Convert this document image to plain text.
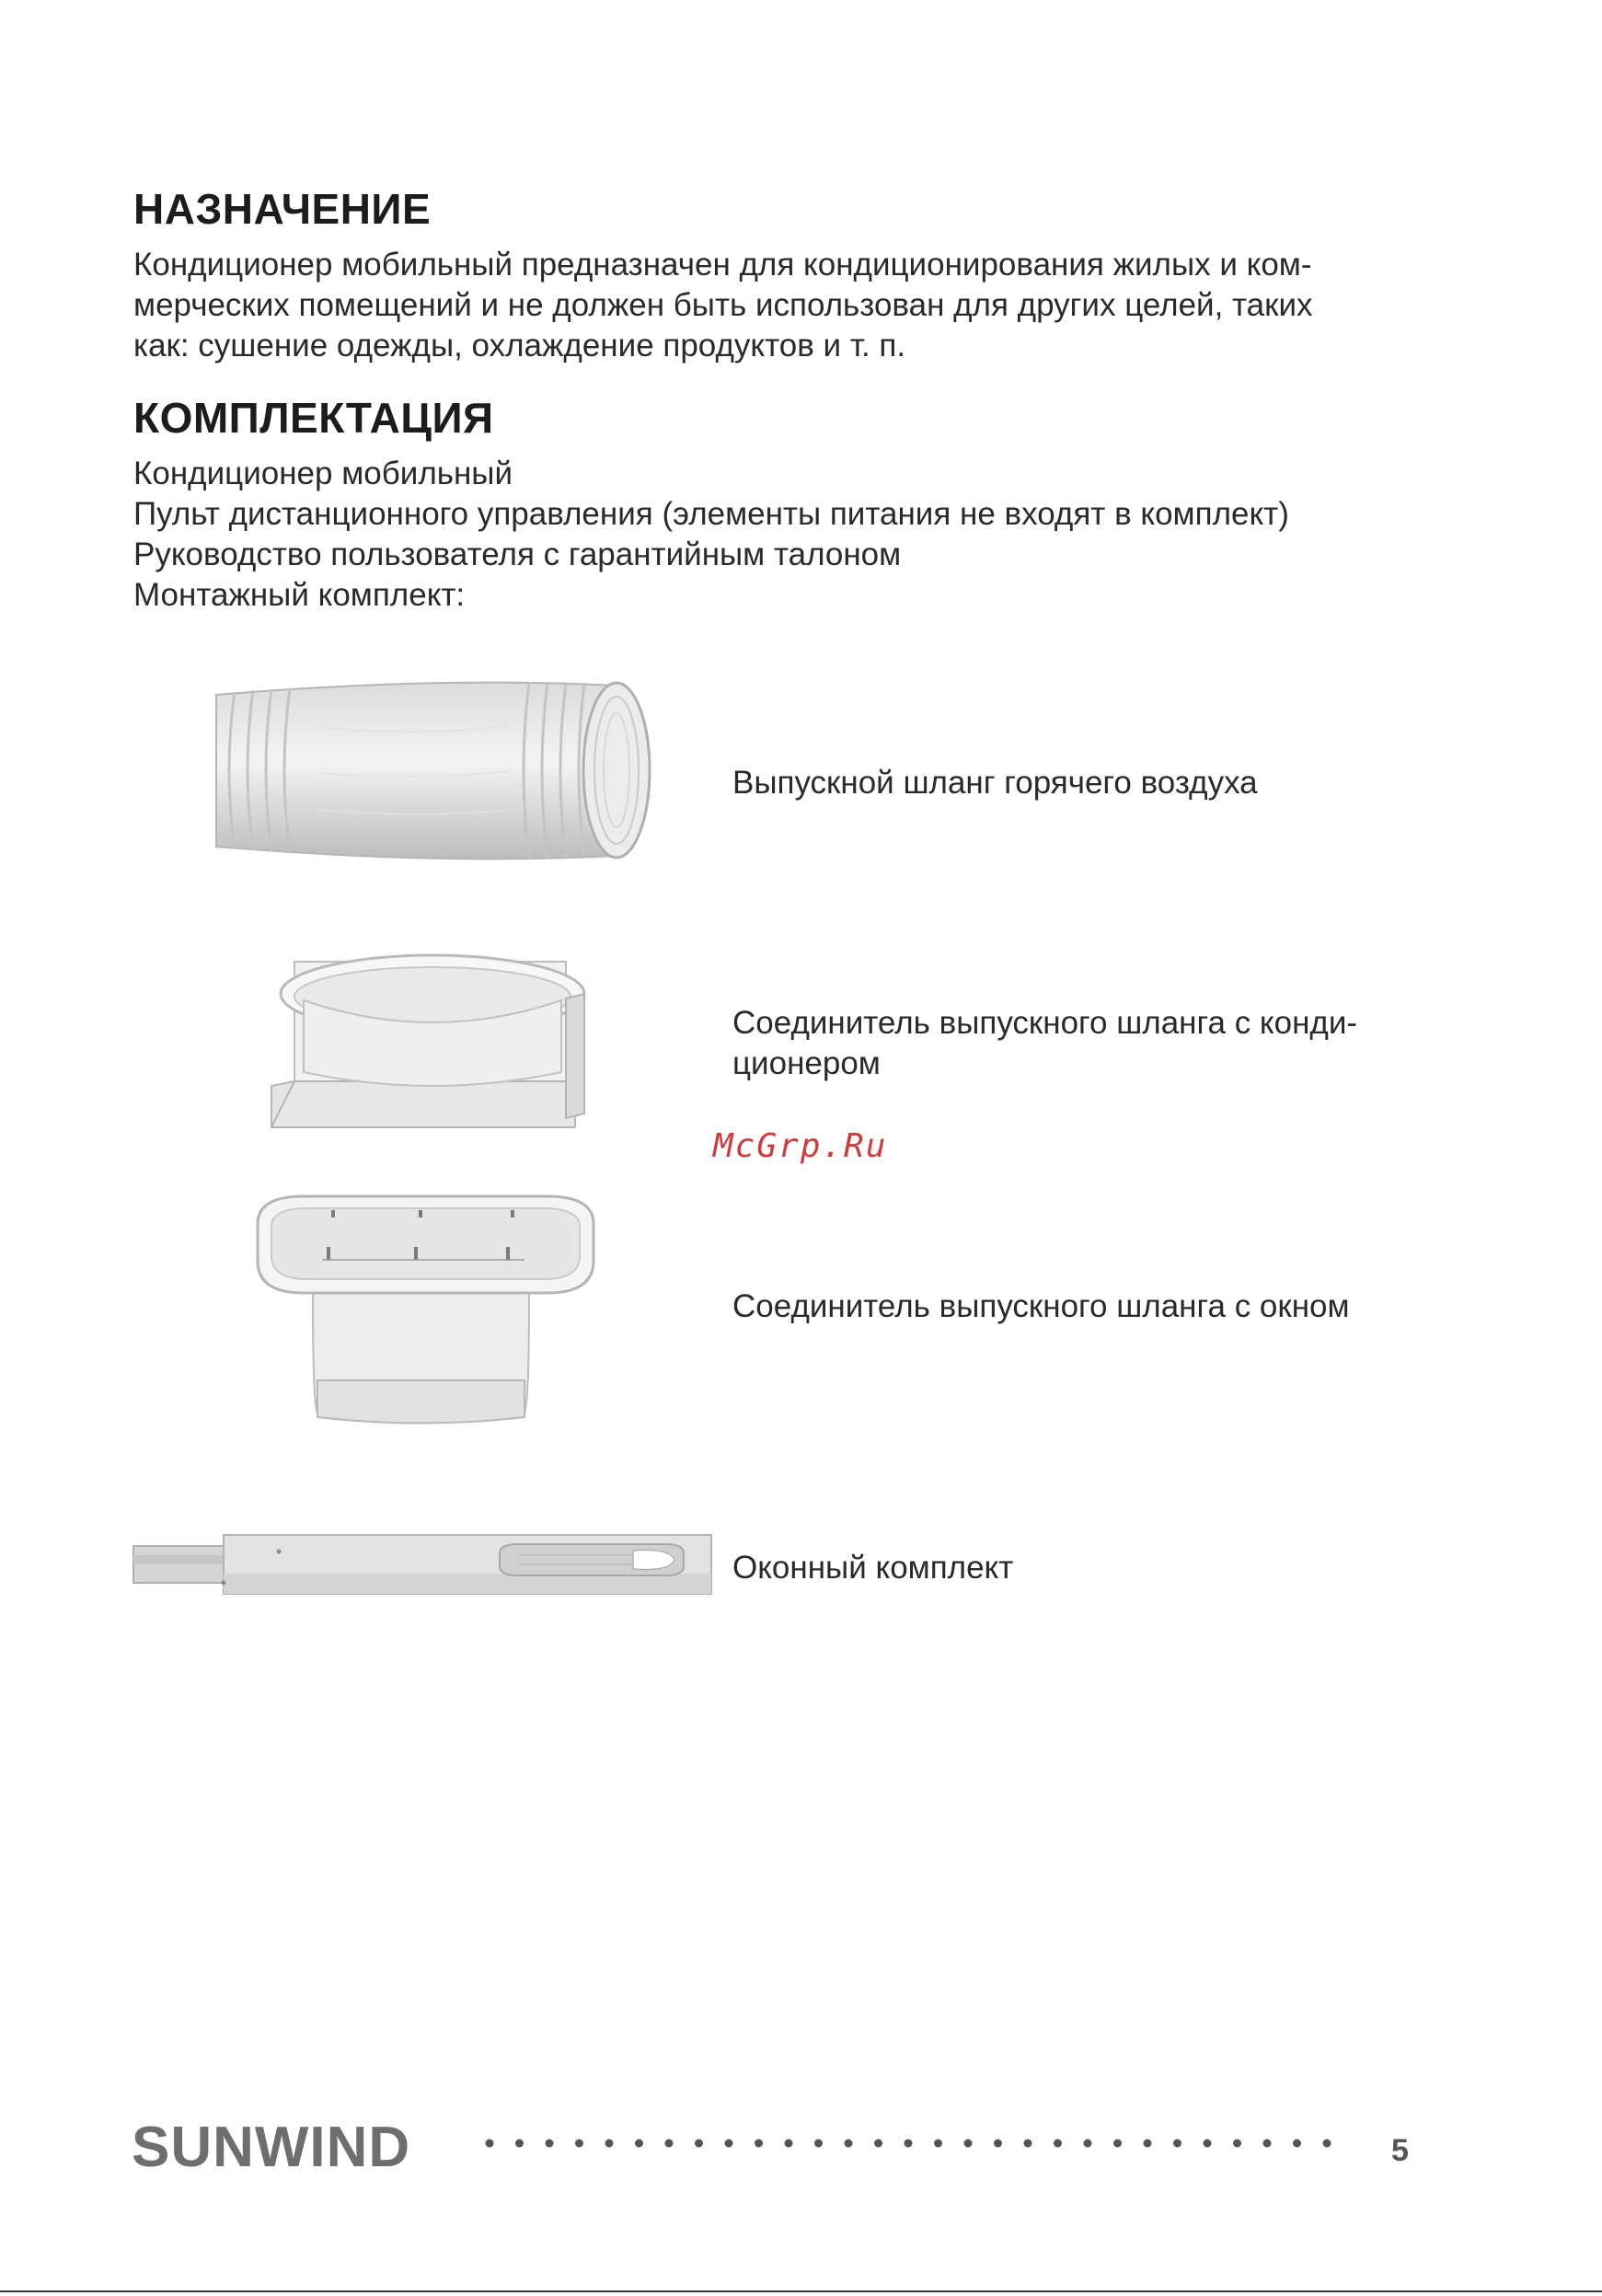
НАЗНАЧЕНИЕ

Кондиционер мобильный предназначен для кондиционирования жилых и ком-
мерческих помещений и не должен быть использован для других целей, таких
как: сушение одежды, охлаждение продуктов и т. п.

КОМПЛЕКТАЦИЯ

Кондиционер мобильный
Пульт дистанционного управления (элементы питания не входят в комплект)
Руководство пользователя с гарантийным талоном
Монтажный комплект:

Выпускной шланг горячего воздуха

Соединитель выпускного шланга с конди-
ционером

Соединитель выпускного шланга с окном

Оконный комплект

McGrp.Ru
SUNWIND	5
